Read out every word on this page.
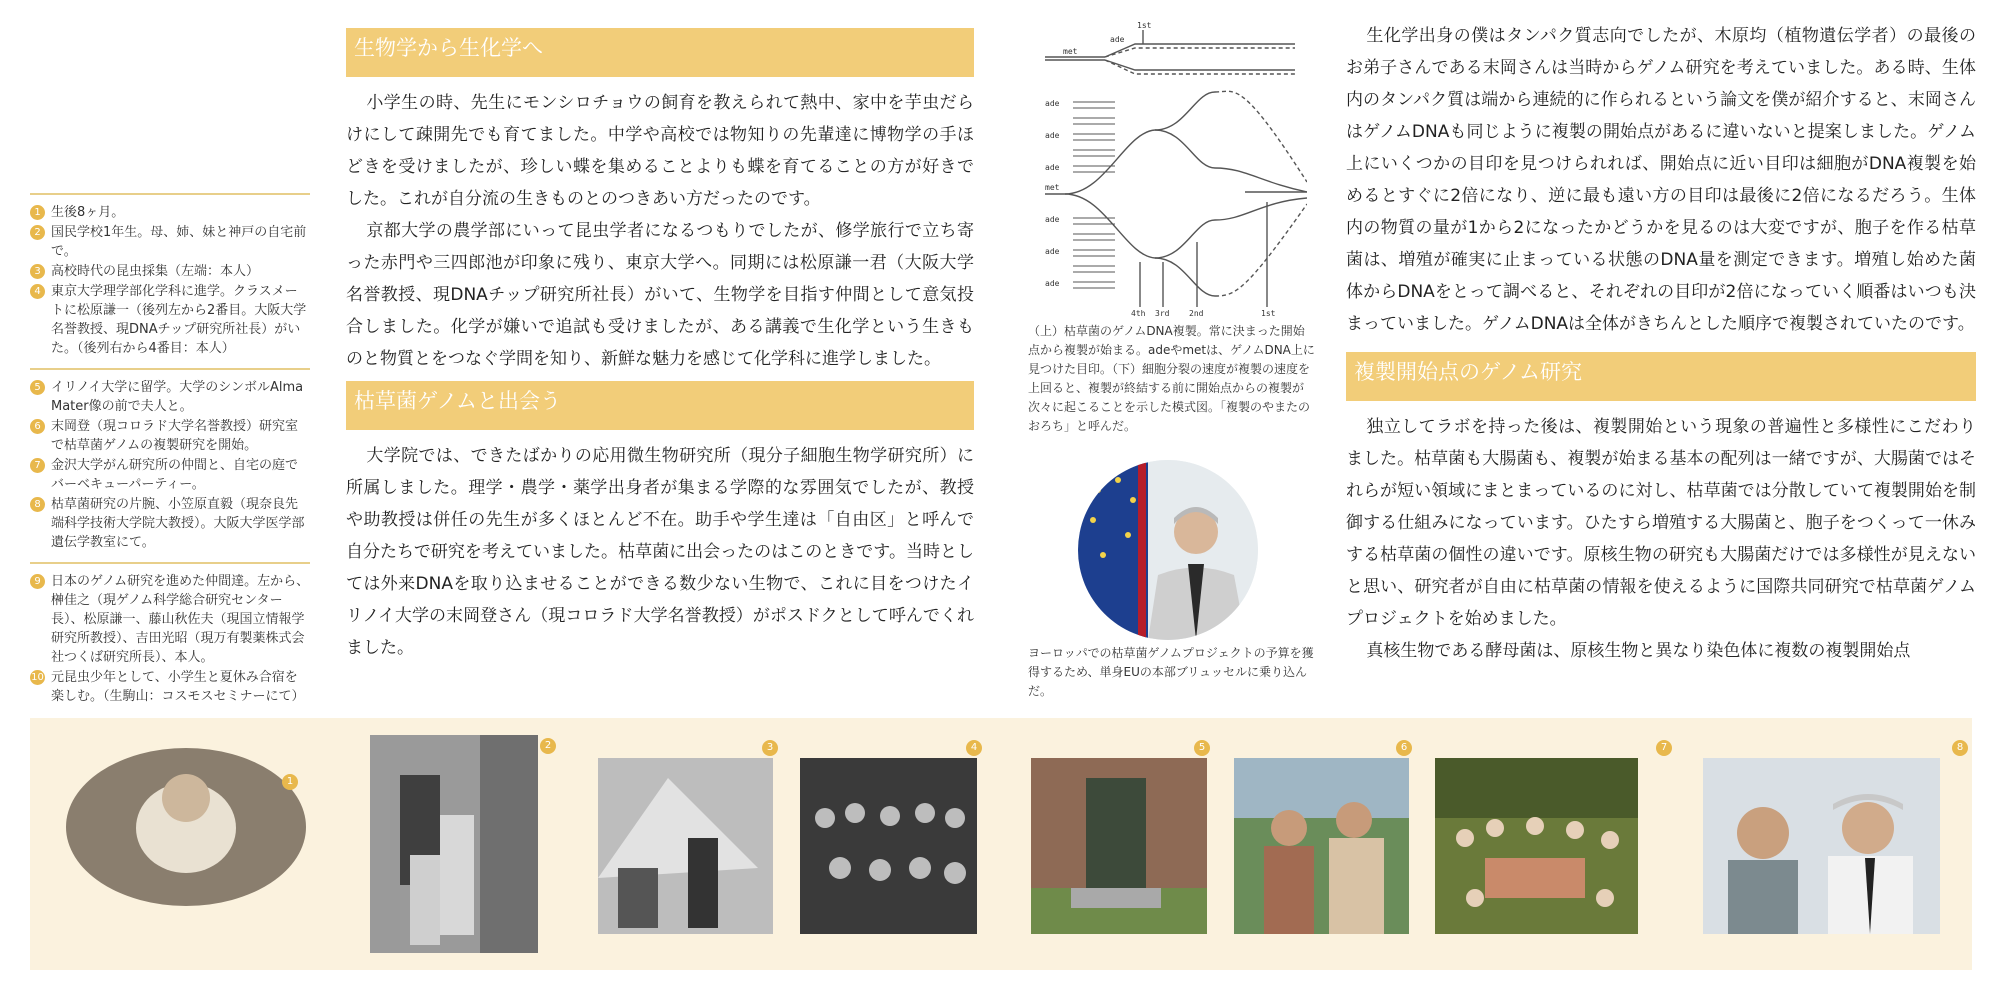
1 生後8ヶ月。
2 国民学校1年生。母、姉、妹と神戸の自宅前で。
3 高校時代の昆虫採集（左端：本人）
4 東京大学理学部化学科に進学。クラスメートに松原謙一（後列左から2番目。大阪大学名誉教授、現DNAチップ研究所社長）がいた。（後列右から4番目：本人）
5 イリノイ大学に留学。大学のシンボルAlma Mater像の前で夫人と。
6 末岡登（現コロラド大学名誉教授）研究室で枯草菌ゲノムの複製研究を開始。
7 金沢大学がん研究所の仲間と、自宅の庭でバーベキューパーティー。
8 枯草菌研究の片腕、小笠原直毅（現奈良先端科学技術大学院大教授）。大阪大学医学部遺伝学教室にて。
9 日本のゲノム研究を進めた仲間達。左から、榊佳之（現ゲノム科学総合研究センター長）、松原謙一、藤山秋佐夫（現国立情報学研究所教授）、吉田光昭（現万有製薬株式会社つくば研究所長）、本人。
10 元昆虫少年として、小学生と夏休み合宿を楽しむ。（生駒山：コスモスセミナーにて）
生物学から生化学へ

小学生の時、先生にモンシロチョウの飼育を教えられて熱中、家中を芋虫だらけにして疎開先でも育てました。中学や高校では物知りの先輩達に博物学の手ほどきを受けましたが、珍しい蝶を集めることよりも蝶を育てることの方が好きでした。これが自分流の生きものとのつきあい方だったのです。

京都大学の農学部にいって昆虫学者になるつもりでしたが、修学旅行で立ち寄った赤門や三四郎池が印象に残り、東京大学へ。同期には松原謙一君（大阪大学名誉教授、現DNAチップ研究所社長）がいて、生物学を目指す仲間として意気投合しました。化学が嫌いで追試も受けましたが、ある講義で生化学という生きものと物質とをつなぐ学問を知り、新鮮な魅力を感じて化学科に進学しました。

枯草菌ゲノムと出会う

大学院では、できたばかりの応用微生物研究所（現分子細胞生物学研究所）に所属しました。理学・農学・薬学出身者が集まる学際的な雰囲気でしたが、教授や助教授は併任の先生が多くほとんど不在。助手や学生達は「自由区」と呼んで自分たちで研究を考えていました。枯草菌に出会ったのはこのときです。当時としては外来DNAを取り込ませることができる数少ない生物で、これに目をつけたイリノイ大学の末岡登さん（現コロラド大学名誉教授）がポスドクとして呼んでくれました。

ade
met
1st
met
ade
ade
ade
ade
ade
ade
4th 3rd 2nd	1st
（上）枯草菌のゲノムDNA複製。常に決まった開始点から複製が始まる。adeやmetは、ゲノムDNA上に見つけた目印。（下）細胞分裂の速度が複製の速度を上回ると、複製が終結する前に開始点からの複製が次々に起こることを示した模式図。「複製のやまたのおろち」と呼んだ。
ヨーロッパでの枯草菌ゲノムプロジェクトの予算を獲得するため、単身EUの本部ブリュッセルに乗り込んだ。

生化学出身の僕はタンパク質志向でしたが、木原均（植物遺伝学者）の最後のお弟子さんである末岡さんは当時からゲノム研究を考えていました。ある時、生体内のタンパク質は端から連続的に作られるという論文を僕が紹介すると、末岡さんはゲノムDNAも同じように複製の開始点があるに違いないと提案しました。ゲノム上にいくつかの目印を見つけられれば、開始点に近い目印は細胞がDNA複製を始めるとすぐに2倍になり、逆に最も遠い方の目印は最後に2倍になるだろう。生体内の物質の量が1から2になったかどうかを見るのは大変ですが、胞子を作る枯草菌は、増殖が確実に止まっている状態のDNA量を測定できます。増殖し始めた菌体からDNAをとって調べると、それぞれの目印が2倍になっていく順番はいつも決まっていました。ゲノムDNAは全体がきちんとした順序で複製されていたのです。

複製開始点のゲノム研究

独立してラボを持った後は、複製開始という現象の普遍性と多様性にこだわりました。枯草菌も大腸菌も、複製が始まる基本の配列は一緒ですが、大腸菌ではそれらが短い領域にまとまっているのに対し、枯草菌では分散していて複製開始を制御する仕組みになっています。ひたすら増殖する大腸菌と、胞子をつくって一休みする枯草菌の個性の違いです。原核生物の研究も大腸菌だけでは多様性が見えないと思い、研究者が自由に枯草菌の情報を使えるように国際共同研究で枯草菌ゲノムプロジェクトを始めました。

真核生物である酵母菌は、原核生物と異なり染色体に複数の複製開始点

1
2	3	4	5	6	7	8
